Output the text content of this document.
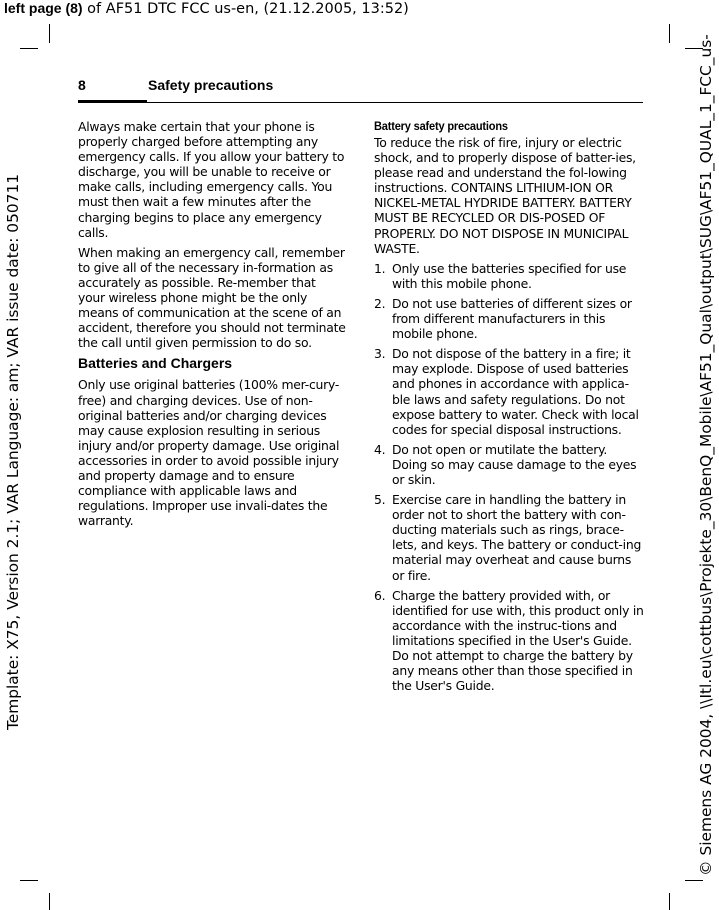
left page (8) of AF51 DTC FCC us-en, (21.12.2005, 13:52)
Template: X75, Version 2.1; VAR Language: am; VAR issue date: 050711	© Siemens AG 2004, \\Itl.eu\cottbus\Projekte_30\BenQ_Mobile\AF51_Qual\output\SUG\AF51_QUAL_1_FCC_us-
8	Safety precautions

Always make certain that your phone is properly charged before attempting any emergency calls. If you allow your battery to discharge, you will be unable to receive or make calls, including emergency calls. You must then wait a few minutes after the charging begins to place any emergency calls.

When making an emergency call, remember to give all of the necessary in-formation as accurately as possible. Re-member that your wireless phone might be the only means of communication at the scene of an accident, therefore you should not terminate the call until given permission to do so.

Batteries and Chargers

Only use original batteries (100% mer-cury-free) and charging devices. Use of non-original batteries and/or charging devices may cause explosion resulting in serious injury and/or property damage. Use original accessories in order to avoid possible injury and property damage and to ensure compliance with applicable laws and regulations. Improper use invali-dates the warranty.

Battery safety precautions

To reduce the risk of fire, injury or electric shock, and to properly dispose of batter-ies, please read and understand the fol-lowing instructions. CONTAINS LITHIUM-ION OR NICKEL-METAL HYDRIDE BATTERY. BATTERY MUST BE RECYCLED OR DIS-POSED OF PROPERLY. DO NOT DISPOSE IN MUNICIPAL WASTE.

1. Only use the batteries specified for use with this mobile phone.
2. Do not use batteries of different sizes or from different manufacturers in this mobile phone.
3. Do not dispose of the battery in a fire; it may explode. Dispose of used batteries and phones in accordance with applica-ble laws and safety regulations. Do not expose battery to water. Check with local codes for special disposal instructions.
4. Do not open or mutilate the battery. Doing so may cause damage to the eyes or skin.
5. Exercise care in handling the battery in order not to short the battery with con-ducting materials such as rings, brace-lets, and keys. The battery or conduct-ing material may overheat and cause burns or fire.
6. Charge the battery provided with, or identified for use with, this product only in accordance with the instruc-tions and limitations specified in the User's Guide. Do not attempt to charge the battery by any means other than those specified in the User's Guide.
